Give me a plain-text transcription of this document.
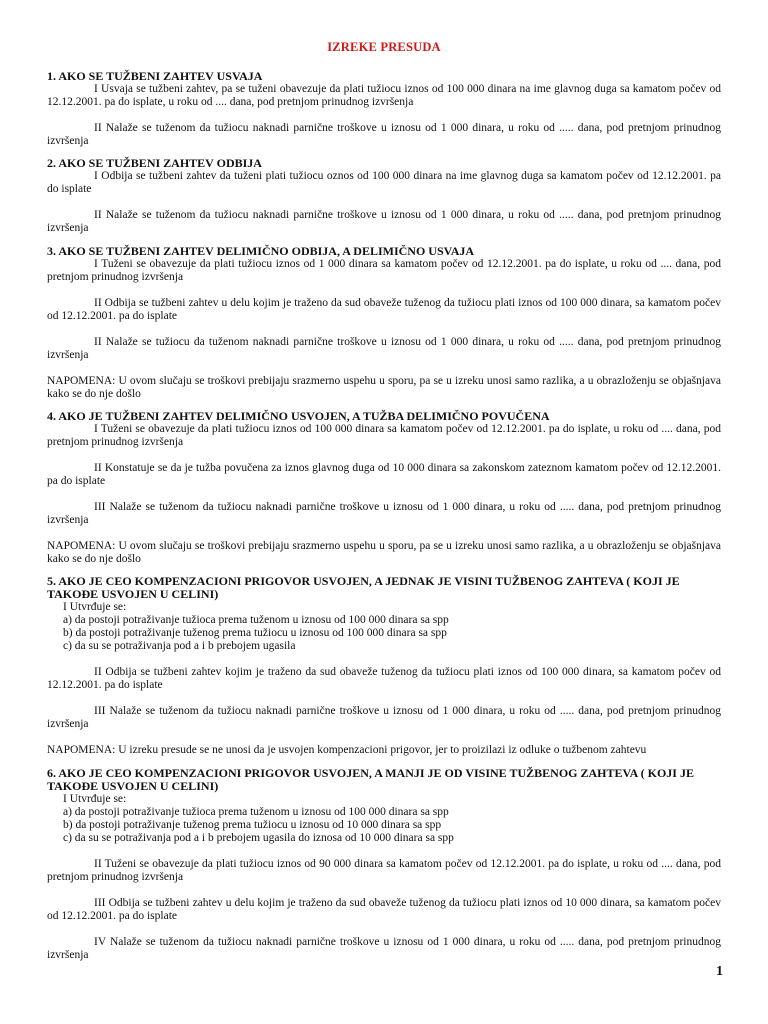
IZREKE PRESUDA
1. AKO SE TUŽBENI ZAHTEV USVAJA

I Usvaja se tužbeni zahtev, pa se tuženi obavezuje da plati tužiocu iznos od 100 000 dinara na ime glavnog duga sa kamatom počev od 12.12.2001. pa do isplate, u roku od .... dana, pod pretnjom prinudnog izvršenja

II Nalaže se tuženom da tužiocu naknadi parnične troškove u iznosu od 1 000 dinara, u roku od ..... dana, pod pretnjom prinudnog izvršenja

2. AKO SE TUŽBENI ZAHTEV ODBIJA

I Odbija se tužbeni zahtev da tuženi plati tužiocu oznos od 100 000 dinara na ime glavnog duga sa kamatom počev od 12.12.2001. pa do isplate

II Nalaže se tuženom da tužiocu naknadi parnične troškove u iznosu od 1 000 dinara, u roku od ..... dana, pod pretnjom prinudnog izvršenja

3. AKO SE TUŽBENI ZAHTEV DELIMIČNO ODBIJA, A DELIMIČNO USVAJA

I Tuženi se obavezuje da plati tužiocu iznos od 1 000 dinara sa kamatom počev od 12.12.2001. pa do isplate, u roku od .... dana, pod pretnjom prinudnog izvršenja

II Odbija se tužbeni zahtev u delu kojim je traženo da sud obaveže tuženog da tužiocu plati iznos od 100 000 dinara, sa kamatom počev od 12.12.2001. pa do isplate

II Nalaže se tužiocu da tuženom naknadi parnične troškove u iznosu od 1 000 dinara, u roku od ..... dana, pod pretnjom prinudnog izvršenja

NAPOMENA: U ovom slučaju se troškovi prebijaju srazmerno uspehu u sporu, pa se u izreku unosi samo razlika, a u obrazloženju se objašnjava kako se do nje došlo

4. AKO JE TUŽBENI ZAHTEV DELIMIČNO USVOJEN, A TUŽBA DELIMIČNO POVUČENA

I Tuženi se obavezuje da plati tužiocu iznos od 100 000 dinara sa kamatom počev od 12.12.2001. pa do isplate, u roku od .... dana, pod pretnjom prinudnog izvršenja

II Konstatuje se da je tužba povučena za iznos glavnog duga od 10 000 dinara sa zakonskom zateznom kamatom počev od 12.12.2001. pa do isplate

III Nalaže se tuženom da tužiocu naknadi parnične troškove u iznosu od 1 000 dinara, u roku od ..... dana, pod pretnjom prinudnog izvršenja

NAPOMENA: U ovom slučaju se troškovi prebijaju srazmerno uspehu u sporu, pa se u izreku unosi samo razlika, a u obrazloženju se objašnjava kako se do nje došlo

5. AKO JE CEO KOMPENZACIONI PRIGOVOR USVOJEN, A JEDNAK JE VISINI TUŽBENOG ZAHTEVA ( KOJI JE TAKOĐE USVOJEN U CELINI)

I Utvrđuje se:

a) da postoji potraživanje tužioca prema tuženom u iznosu od 100 000 dinara sa spp

b) da postoji potraživanje tuženog prema tužiocu u iznosu od 100 000 dinara sa spp

c) da su se potraživanja pod a i b prebojem ugasila

II Odbija se tužbeni zahtev kojim je traženo da sud obaveže tuženog da tužiocu plati iznos od 100 000 dinara, sa kamatom počev od 12.12.2001. pa do isplate

III Nalaže se tuženom da tužiocu naknadi parnične troškove u iznosu od 1 000 dinara, u roku od ..... dana, pod pretnjom prinudnog izvršenja

NAPOMENA: U izreku presude se ne unosi da je usvojen kompenzacioni prigovor, jer to proizilazi iz odluke o tužbenom zahtevu

6. AKO JE CEO KOMPENZACIONI PRIGOVOR USVOJEN, A MANJI JE OD VISINE TUŽBENOG ZAHTEVA ( KOJI JE TAKOĐE USVOJEN U CELINI)

I Utvrđuje se:

a) da postoji potraživanje tužioca prema tuženom u iznosu od 100 000 dinara sa spp

b) da postoji potraživanje tuženog prema tužiocu u iznosu od 10 000 dinara sa spp

c) da su se potraživanja pod a i b prebojem ugasila do iznosa od 10 000 dinara sa spp

II Tuženi se obavezuje da plati tužiocu iznos od 90 000 dinara sa kamatom počev od 12.12.2001. pa do isplate, u roku od .... dana, pod pretnjom prinudnog izvršenja

III Odbija se tužbeni zahtev u delu kojim je traženo da sud obaveže tuženog da tužiocu plati iznos od 10 000 dinara, sa kamatom počev od 12.12.2001. pa do isplate

IV Nalaže se tuženom da tužiocu naknadi parnične troškove u iznosu od 1 000 dinara, u roku od ..... dana, pod pretnjom prinudnog izvršenja

1
